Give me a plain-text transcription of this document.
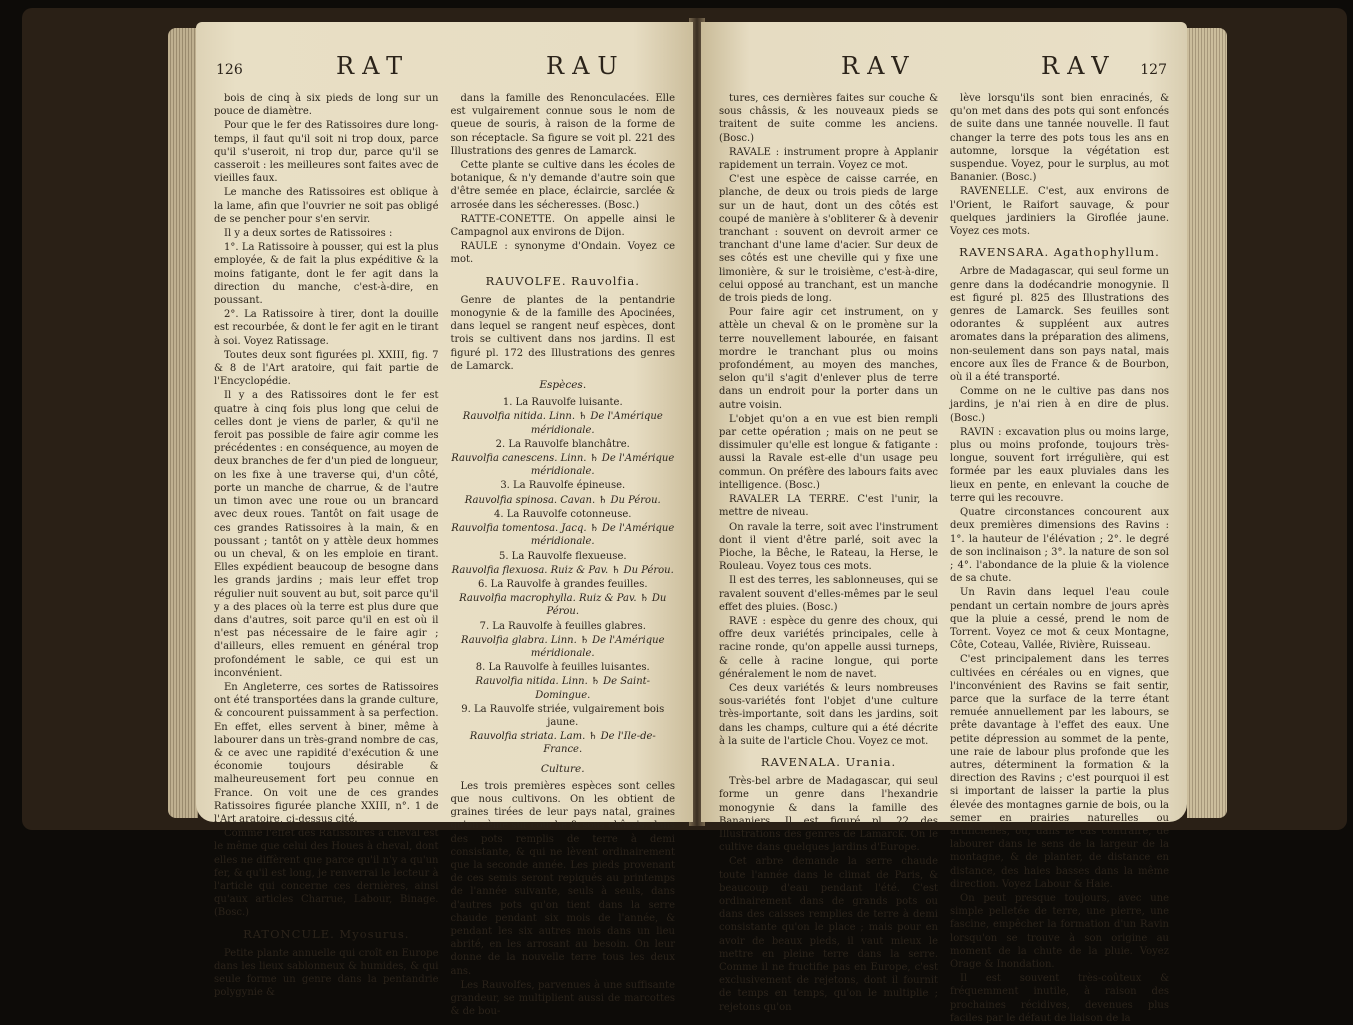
126	RAT	RAU

bois de cinq à six pieds de long sur un pouce de diamètre.

Pour que le fer des Ratissoires dure long-temps, il faut qu'il soit ni trop doux, parce qu'il s'useroit, ni trop dur, parce qu'il se casseroit : les meilleures sont faites avec de vieilles faux.

Le manche des Ratissoires est oblique à la lame, afin que l'ouvrier ne soit pas obligé de se pencher pour s'en servir.

Il y a deux sortes de Ratissoires :

1°. La Ratissoire à pousser, qui est la plus employée, & de fait la plus expéditive & la moins fatigante, dont le fer agit dans la direction du manche, c'est-à-dire, en poussant.

2°. La Ratissoire à tirer, dont la douille est recourbée, & dont le fer agit en le tirant à soi. Voyez Ratissage.

Toutes deux sont figurées pl. XXIII, fig. 7 & 8 de l'Art aratoire, qui fait partie de l'Encyclopédie.

Il y a des Ratissoires dont le fer est quatre à cinq fois plus long que celui de celles dont je viens de parler, & qu'il ne feroit pas possible de faire agir comme les précédentes : en conséquence, au moyen de deux branches de fer d'un pied de longueur, on les fixe à une traverse qui, d'un côté, porte un manche de charrue, & de l'autre un timon avec une roue ou un brancard avec deux roues. Tantôt on fait usage de ces grandes Ratissoires à la main, & en poussant ; tantôt on y attèle deux hommes ou un cheval, & on les emploie en tirant. Elles expédient beaucoup de besogne dans les grands jardins ; mais leur effet trop régulier nuit souvent au but, soit parce qu'il y a des places où la terre est plus dure que dans d'autres, soit parce qu'il en est où il n'est pas nécessaire de le faire agir ; d'ailleurs, elles remuent en général trop profondément le sable, ce qui est un inconvénient.

En Angleterre, ces sortes de Ratissoires ont été transportées dans la grande culture, & concourent puissamment à sa perfection. En effet, elles servent à biner, même à labourer dans un très-grand nombre de cas, & ce avec une rapidité d'exécution & une économie toujours désirable & malheureusement fort peu connue en France. On voit une de ces grandes Ratissoires figurée planche XXIII, n°. 1 de l'Art aratoire, ci-dessus cité.

Comme l'effet des Ratissoires à cheval est le même que celui des Houes à cheval, dont elles ne diffèrent que parce qu'il n'y a qu'un fer, & qu'il est long, je renverrai le lecteur à l'article qui concerne ces dernières, ainsi qu'aux articles Charrue, Labour, Binage. (Bosc.)

RATONCULE. Myosurus.

Petite plante annuelle qui croît en Europe dans les lieux sablonneux & humides, & qui seule forme un genre dans la pentandrie polygynie &

dans la famille des Renonculacées. Elle est vulgairement connue sous le nom de queue de souris, à raison de la forme de son réceptacle. Sa figure se voit pl. 221 des Illustrations des genres de Lamarck.

Cette plante se cultive dans les écoles de botanique, & n'y demande d'autre soin que d'être semée en place, éclaircie, sarclée & arrosée dans les sécheresses. (Bosc.)

RATTE-CONETTE. On appelle ainsi le Campagnol aux environs de Dijon.

RAULE : synonyme d'Ondain. Voyez ce mot.

RAUVOLFE. Rauvolfia.

Genre de plantes de la pentandrie monogynie & de la famille des Apocinées, dans lequel se rangent neuf espèces, dont trois se cultivent dans nos jardins. Il est figuré pl. 172 des Illustrations des genres de Lamarck.

Espèces.

1. La Rauvolfe luisante.

Rauvolfia nitida. Linn. ♄ De l'Amérique méridionale.

2. La Rauvolfe blanchâtre.

Rauvolfia canescens. Linn. ♄ De l'Amérique méridionale.

3. La Rauvolfe épineuse.

Rauvolfia spinosa. Cavan. ♄ Du Pérou.

4. La Rauvolfe cotonneuse.

Rauvolfia tomentosa. Jacq. ♄ De l'Amérique méridionale.

5. La Rauvolfe flexueuse.

Rauvolfia flexuosa. Ruiz & Pav. ♄ Du Pérou.

6. La Rauvolfe à grandes feuilles.

Rauvolfia macrophylla. Ruiz & Pav. ♄ Du Pérou.

7. La Rauvolfe à feuilles glabres.

Rauvolfia glabra. Linn. ♄ De l'Amérique méridionale.

8. La Rauvolfe à feuilles luisantes.

Rauvolfia nitida. Linn. ♄ De Saint-Domingue.

9. La Rauvolfe striée, vulgairement bois jaune.

Rauvolfia striata. Lam. ♄ De l'Ile-de-France.

Culture.

Les trois premières espèces sont celles que nous cultivons. On les obtient de graines tirées de leur pays natal, graines qu'on sème sur couche & sous châssis, dans des pots remplis de terre à demi consistante, & qui ne lèvent ordinairement que la seconde année. Les pieds provenant de ces semis seront repiqués au printemps de l'année suivante, seuls à seuls, dans d'autres pots qu'on tient dans la serre chaude pendant six mois de l'année, & pendant les six autres mois dans un lieu abrité, en les arrosant au besoin. On leur donne de la nouvelle terre tous les deux ans.

Les Rauvolfes, parvenues à une suffisante grandeur, se multiplient aussi de marcottes & de bou-

RAV	RAV 127

tures, ces dernières faites sur couche & sous châssis, & les nouveaux pieds se traitent de suite comme les anciens. (Bosc.)

RAVALE : instrument propre à Applanir rapidement un terrain. Voyez ce mot.

C'est une espèce de caisse carrée, en planche, de deux ou trois pieds de large sur un de haut, dont un des côtés est coupé de manière à s'obliterer & à devenir tranchant : souvent on devroit armer ce tranchant d'une lame d'acier. Sur deux de ses côtés est une cheville qui y fixe une limonière, & sur le troisième, c'est-à-dire, celui opposé au tranchant, est un manche de trois pieds de long.

Pour faire agir cet instrument, on y attèle un cheval & on le promène sur la terre nouvellement labourée, en faisant mordre le tranchant plus ou moins profondément, au moyen des manches, selon qu'il s'agit d'enlever plus de terre dans un endroit pour la porter dans un autre voisin.

L'objet qu'on a en vue est bien rempli par cette opération ; mais on ne peut se dissimuler qu'elle est longue & fatigante : aussi la Ravale est-elle d'un usage peu commun. On préfère des labours faits avec intelligence. (Bosc.)

RAVALER LA TERRE. C'est l'unir, la mettre de niveau.

On ravale la terre, soit avec l'instrument dont il vient d'être parlé, soit avec la Pioche, la Bêche, le Rateau, la Herse, le Rouleau. Voyez tous ces mots.

Il est des terres, les sablonneuses, qui se ravalent souvent d'elles-mêmes par le seul effet des pluies. (Bosc.)

RAVE : espèce du genre des choux, qui offre deux variétés principales, celle à racine ronde, qu'on appelle aussi turneps, & celle à racine longue, qui porte généralement le nom de navet.

Ces deux variétés & leurs nombreuses sous-variétés font l'objet d'une culture très-importante, soit dans les jardins, soit dans les champs, culture qui a été décrite à la suite de l'article Chou. Voyez ce mot.

RAVENALA. Urania.

Très-bel arbre de Madagascar, qui seul forme un genre dans l'hexandrie monogynie & dans la famille des Bananiers. Il est figuré pl. 22 des Illustrations des genres de Lamarck. On le cultive dans quelques jardins d'Europe.

Cet arbre demande la serre chaude toute l'année dans le climat de Paris, & beaucoup d'eau pendant l'été. C'est ordinairement dans de grands pots ou dans des caisses remplies de terre à demi consistante qu'on le place ; mais pour en avoir de beaux pieds, il vaut mieux le mettre en pleine terre dans la serre. Comme il ne fructifie pas en Europe, c'est exclusivement de rejetons, dont il fournit de temps en temps, qu'on le multiplie ; rejetons qu'on

lève lorsqu'ils sont bien enracinés, & qu'on met dans des pots qui sont enfoncés de suite dans une tannée nouvelle. Il faut changer la terre des pots tous les ans en automne, lorsque la végétation est suspendue. Voyez, pour le surplus, au mot Bananier. (Bosc.)

RAVENELLE. C'est, aux environs de l'Orient, le Raifort sauvage, & pour quelques jardiniers la Giroflée jaune. Voyez ces mots.

RAVENSARA. Agathophyllum.

Arbre de Madagascar, qui seul forme un genre dans la dodécandrie monogynie. Il est figuré pl. 825 des Illustrations des genres de Lamarck. Ses feuilles sont odorantes & suppléent aux autres aromates dans la préparation des alimens, non-seulement dans son pays natal, mais encore aux îles de France & de Bourbon, où il a été transporté.

Comme on ne le cultive pas dans nos jardins, je n'ai rien à en dire de plus. (Bosc.)

RAVIN : excavation plus ou moins large, plus ou moins profonde, toujours très-longue, souvent fort irrégulière, qui est formée par les eaux pluviales dans les lieux en pente, en enlevant la couche de terre qui les recouvre.

Quatre circonstances concourent aux deux premières dimensions des Ravins : 1°. la hauteur de l'élévation ; 2°. le degré de son inclinaison ; 3°. la nature de son sol ; 4°. l'abondance de la pluie & la violence de sa chute.

Un Ravin dans lequel l'eau coule pendant un certain nombre de jours après que la pluie a cessé, prend le nom de Torrent. Voyez ce mot & ceux Montagne, Côte, Coteau, Vallée, Rivière, Ruisseau.

C'est principalement dans les terres cultivées en céréales ou en vignes, que l'inconvénient des Ravins se fait sentir, parce que la surface de la terre étant remuée annuellement par les labours, se prête davantage à l'effet des eaux. Une petite dépression au sommet de la pente, une raie de labour plus profonde que les autres, déterminent la formation & la direction des Ravins ; c'est pourquoi il est si important de laisser la partie la plus élevée des montagnes garnie de bois, ou la semer en prairies naturelles ou artificielles, ou, dans le cas contraire, de labourer dans le sens de la largeur de la montagne, & de planter, de distance en distance, des haies basses dans la même direction. Voyez Labour & Haie.

On peut presque toujours, avec une simple pelletée de terre, une pierre, une fascine, empêcher la formation d'un Ravin lorsqu'on se trouve à son origine au moment de la chute de la pluie. Voyez Orage & Inondation.

Il est souvent très-coûteux & fréquemment inutile, à raison des prochaines récidives, devenues plus faciles par le défaut de liaison de la
